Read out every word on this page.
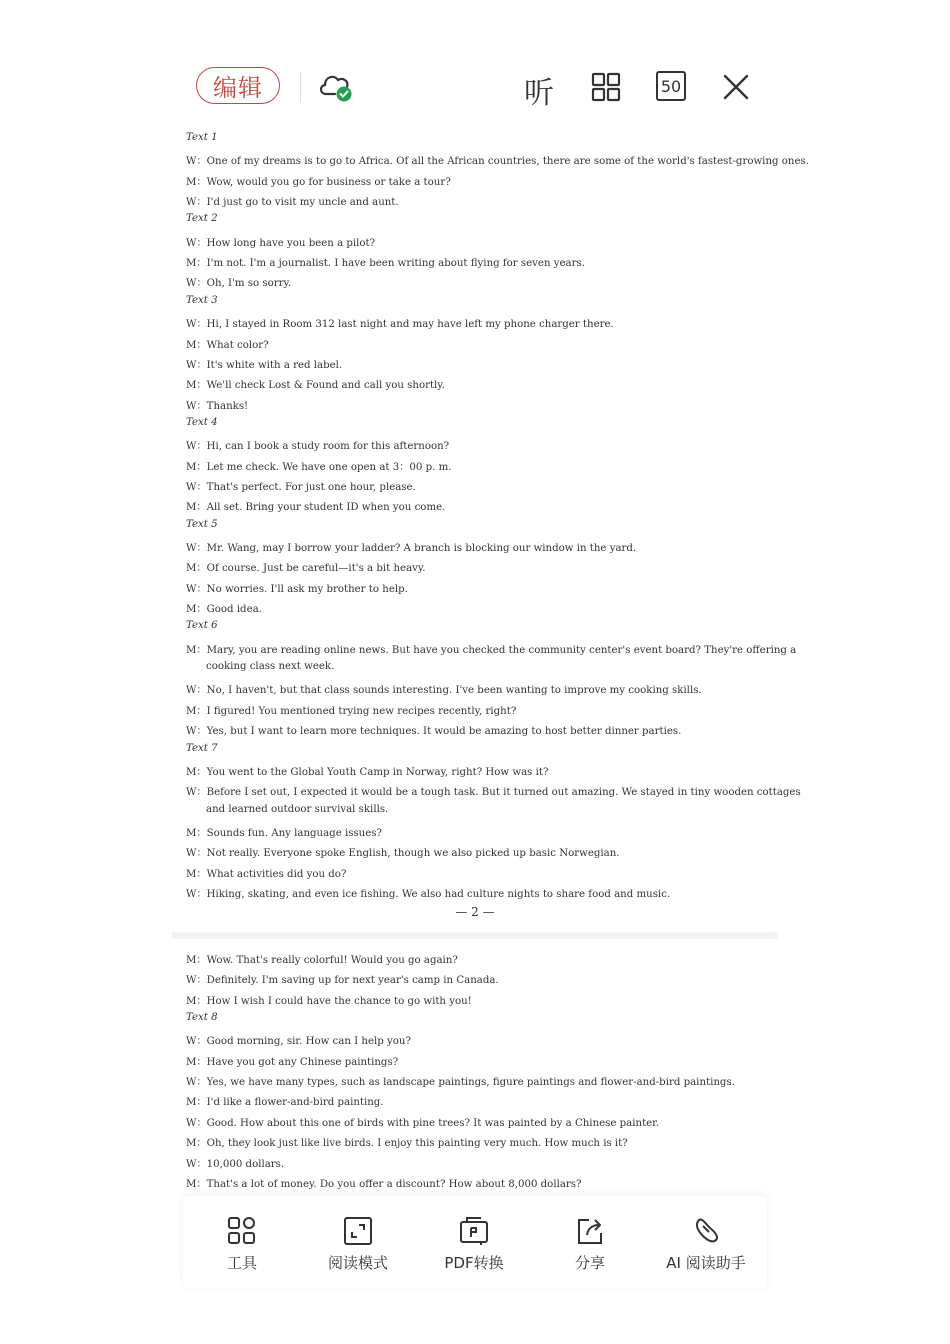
编辑	听	50
Text 1
W：One of my dreams is to go to Africa. Of all the African countries, there are some of the world's fastest-growing ones.
M：Wow, would you go for business or take a tour?
W：I'd just go to visit my uncle and aunt.
Text 2
W：How long have you been a pilot?
M：I'm not. I'm a journalist. I have been writing about flying for seven years.
W：Oh, I'm so sorry.
Text 3
W：Hi, I stayed in Room 312 last night and may have left my phone charger there.
M：What color?
W：It's white with a red label.
M：We'll check Lost & Found and call you shortly.
W：Thanks!
Text 4
W：Hi, can I book a study room for this afternoon?
M：Let me check. We have one open at 3：00 p. m.
W：That's perfect. For just one hour, please.
M：All set. Bring your student ID when you come.
Text 5
W：Mr. Wang, may I borrow your ladder? A branch is blocking our window in the yard.
M：Of course. Just be careful—it's a bit heavy.
W：No worries. I'll ask my brother to help.
M：Good idea.
Text 6
M：Mary, you are reading online news. But have you checked the community center's event board? They're offering a
cooking class next week.
W：No, I haven't, but that class sounds interesting. I've been wanting to improve my cooking skills.
M：I figured! You mentioned trying new recipes recently, right?
W：Yes, but I want to learn more techniques. It would be amazing to host better dinner parties.
Text 7
M：You went to the Global Youth Camp in Norway, right? How was it?
W：Before I set out, I expected it would be a tough task. But it turned out amazing. We stayed in tiny wooden cottages
and learned outdoor survival skills.
M：Sounds fun. Any language issues?
W：Not really. Everyone spoke English, though we also picked up basic Norwegian.
M：What activities did you do?
W：Hiking, skating, and even ice fishing. We also had culture nights to share food and music.
— 2 —
M：Wow. That's really colorful! Would you go again?
W：Definitely. I'm saving up for next year's camp in Canada.
M：How I wish I could have the chance to go with you!
Text 8
W：Good morning, sir. How can I help you?
M：Have you got any Chinese paintings?
W：Yes, we have many types, such as landscape paintings, figure paintings and flower-and-bird paintings.
M：I'd like a flower-and-bird painting.
W：Good. How about this one of birds with pine trees? It was painted by a Chinese painter.
M：Oh, they look just like live birds. I enjoy this painting very much. How much is it?
W：10,000 dollars.
M：That's a lot of money. Do you offer a discount? How about 8,000 dollars?
工具	阅读模式	PDF转换	分享	AI 阅读助手
